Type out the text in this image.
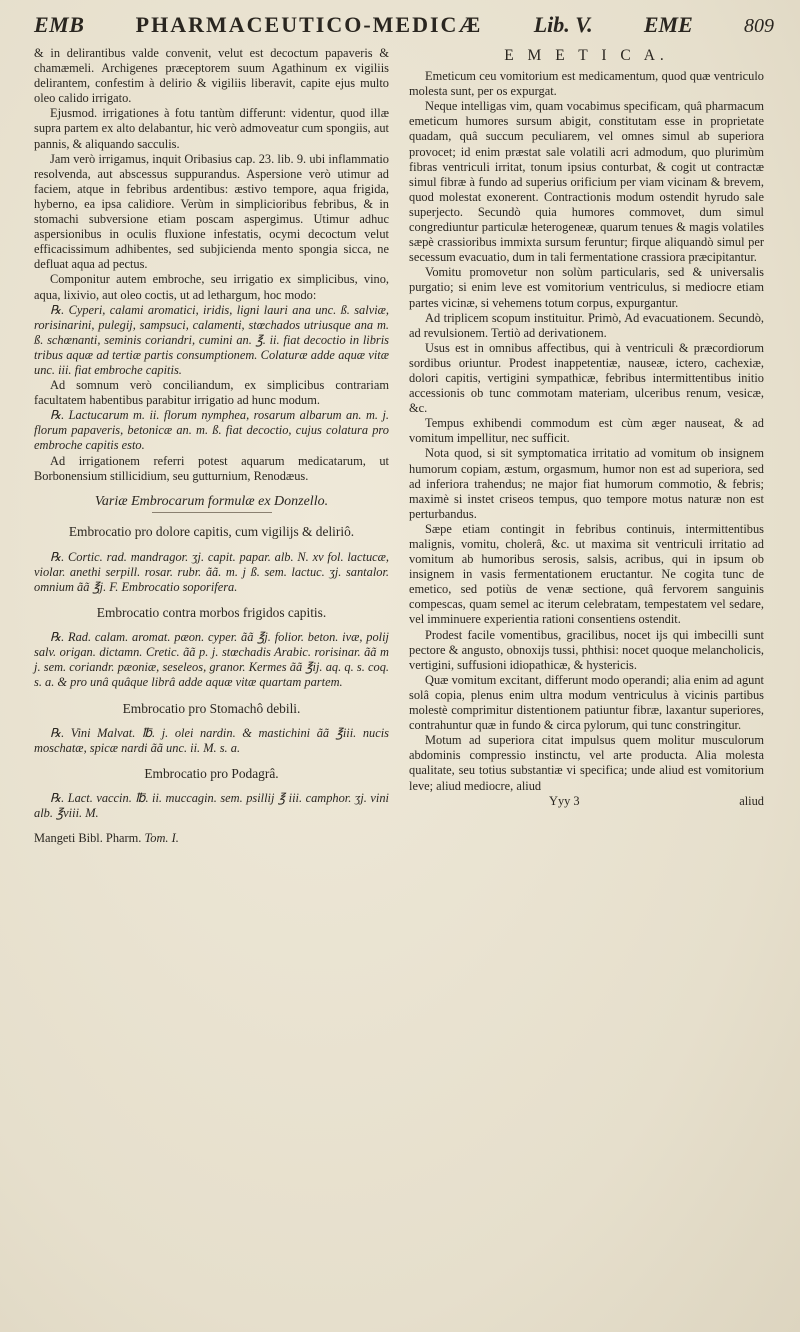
EMB PHARMACEUTICO-MEDICÆ Lib. V. EME	809

& in delirantibus valde convenit, velut est decoctum papaveris & chamæmeli. Archigenes præceptorem suum Agathinum ex vigiliis delirantem, confestim à delirio & vigiliis liberavit, capite ejus multo oleo calido irrigato.

Ejusmod. irrigationes à fotu tantùm differunt: videntur, quod illæ supra partem ex alto delabantur, hic verò admoveatur cum spongiis, aut pannis, & aliquando sacculis.

Jam verò irrigamus, inquit Oribasius cap. 23. lib. 9. ubi inflammatio resolvenda, aut abscessus suppurandus. Aspersione verò utimur ad faciem, atque in febribus ardentibus: æstivo tempore, aqua frigida, hyberno, ea ipsa calidiore. Verùm in simplicioribus febribus, & in stomachi subversione etiam poscam aspergimus. Utimur adhuc aspersionibus in oculis fluxione infestatis, ocymi decoctum velut efficacissimum adhibentes, sed subjicienda mento spongia sicca, ne defluat aqua ad pectus.

Componitur autem embroche, seu irrigatio ex simplicibus, vino, aqua, lixivio, aut oleo coctis, ut ad lethargum, hoc modo:

℞. Cyperi, calami aromatici, iridis, ligni lauri ana unc. ß. salviæ, rorisinarini, pulegij, sampsuci, calamenti, stœchados utriusque ana m. ß. schœnanti, seminis coriandri, cumini an. ℥. ii. fiat decoctio in libris tribus aquæ ad tertiæ partis consumptionem. Colaturæ adde aquæ vitæ unc. iii. fiat embroche capitis.

Ad somnum verò conciliandum, ex simplicibus contrariam facultatem habentibus parabitur irrigatio ad hunc modum.

℞. Lactucarum m. ii. florum nymphea, rosarum albarum an. m. j. florum papaveris, betonicæ an. m. ß. fiat decoctio, cujus colatura pro embroche capitis esto.

Ad irrigationem referri potest aquarum medicatarum, ut Borbonensium stillicidium, seu gutturnium, Renodæus.

Variæ Embrocarum formulæ ex Donzello.
Embrocatio pro dolore capitis, cum vigilijs & deliriô.

℞. Cortic. rad. mandragor. ʒj. capit. papar. alb. N. xv fol. lactucæ, violar. anethi serpill. rosar. rubr. ãã. m. j ß. sem. lactuc. ʒj. santalor. omnium ãã ℥j. F. Embrocatio soporifera.

Embrocatio contra morbos frigidos capitis.

℞. Rad. calam. aromat. pæon. cyper. ãã ℥j. folior. beton. ivæ, polij salv. origan. dictamn. Cretic. ãã p. j. stœchadis Arabic. rorisinar. ãã m j. sem. coriandr. pæoniæ, seseleos, granor. Kermes ãã ℥ij. aq. q. s. coq. s. a. & pro unâ quâque librâ adde aquæ vitæ quartam partem.

Embrocatio pro Stomachô debili.

℞. Vini Malvat. ℔. j. olei nardin. & mastichini ãã ℥iii. nucis moschatæ, spicæ nardi ãã unc. ii. M. s. a.

Embrocatio pro Podagrâ.

℞. Lact. vaccin. ℔. ii. muccagin. sem. psillij ℥ iii. camphor. ʒj. vini alb. ℥viii. M.

Mangeti Bibl. Pharm. Tom. I.
E M E T I C A.

Emeticum ceu vomitorium est medicamentum, quod quæ ventriculo molesta sunt, per os expurgat.

Neque intelligas vim, quam vocabimus specificam, quâ pharmacum emeticum humores sursum abigit, constitutam esse in proprietate quadam, quâ succum peculiarem, vel omnes simul ab superiora provocet; id enim præstat sale volatili acri admodum, quo plurimùm fibras ventriculi irritat, tonum ipsius conturbat, & cogit ut contractæ simul fibræ à fundo ad superius orificium per viam vicinam & brevem, quod molestat exonerent. Contractionis modum ostendit hyrudo sale superjecto. Secundò quia humores commovet, dum simul congrediuntur particulæ heterogeneæ, quarum tenues & magis volatiles sæpè crassioribus immixta sursum feruntur; firque aliquandò simul per secessum evacuatio, dum in tali fermentatione crassiora præcipitantur.

Vomitu promovetur non solùm particularis, sed & universalis purgatio; si enim leve est vomitorium ventriculus, si mediocre etiam partes vicinæ, si vehemens totum corpus, expurgantur.

Ad triplicem scopum instituitur. Primò, Ad evacuationem. Secundò, ad revulsionem. Tertiò ad derivationem.

Usus est in omnibus affectibus, qui à ventriculi & præcordiorum sordibus oriuntur. Prodest inappetentiæ, nauseæ, ictero, cachexiæ, dolori capitis, vertigini sympathicæ, febribus intermittentibus initio accessionis ob tunc commotam materiam, ulceribus renum, vesicæ, &c.

Tempus exhibendi commodum est cùm æger nauseat, & ad vomitum impellitur, nec sufficit.

Nota quod, si sit symptomatica irritatio ad vomitum ob insignem humorum copiam, æstum, orgasmum, humor non est ad superiora, sed ad inferiora trahendus; ne major fiat humorum commotio, & febris; maximè si instet criseos tempus, quo tempore motus naturæ non est perturbandus.

Sæpe etiam contingit in febribus continuis, intermittentibus malignis, vomitu, cholerâ, &c. ut maxima sit ventriculi irritatio ad vomitum ab humoribus serosis, salsis, acribus, qui in ipsum ob insignem in vasis fermentationem eructantur. Ne cogita tunc de emetico, sed potiùs de venæ sectione, quâ fervorem sanguinis compescas, quam semel ac iterum celebratam, tempestatem vel sedare, vel imminuere experientia rationi consentiens ostendit.

Prodest facile vomentibus, gracilibus, nocet ijs qui imbecilli sunt pectore & angusto, obnoxijs tussi, phthisi: nocet quoque melancholicis, vertigini, suffusioni idiopathicæ, & hystericis.

Quæ vomitum excitant, differunt modo operandi; alia enim ad agunt solâ copia, plenus enim ultra modum ventriculus à vicinis partibus molestè comprimitur distentionem patiuntur fibræ, laxantur superiores, contrahuntur quæ in fundo & circa pylorum, qui tunc constringitur.

Motum ad superiora citat impulsus quem molitur musculorum abdominis compressio instinctu, vel arte producta. Alia molesta qualitate, seu totius substantiæ vi specifica; unde aliud est vomitorium leve; aliud mediocre, aliud

Yyy 3	aliud
